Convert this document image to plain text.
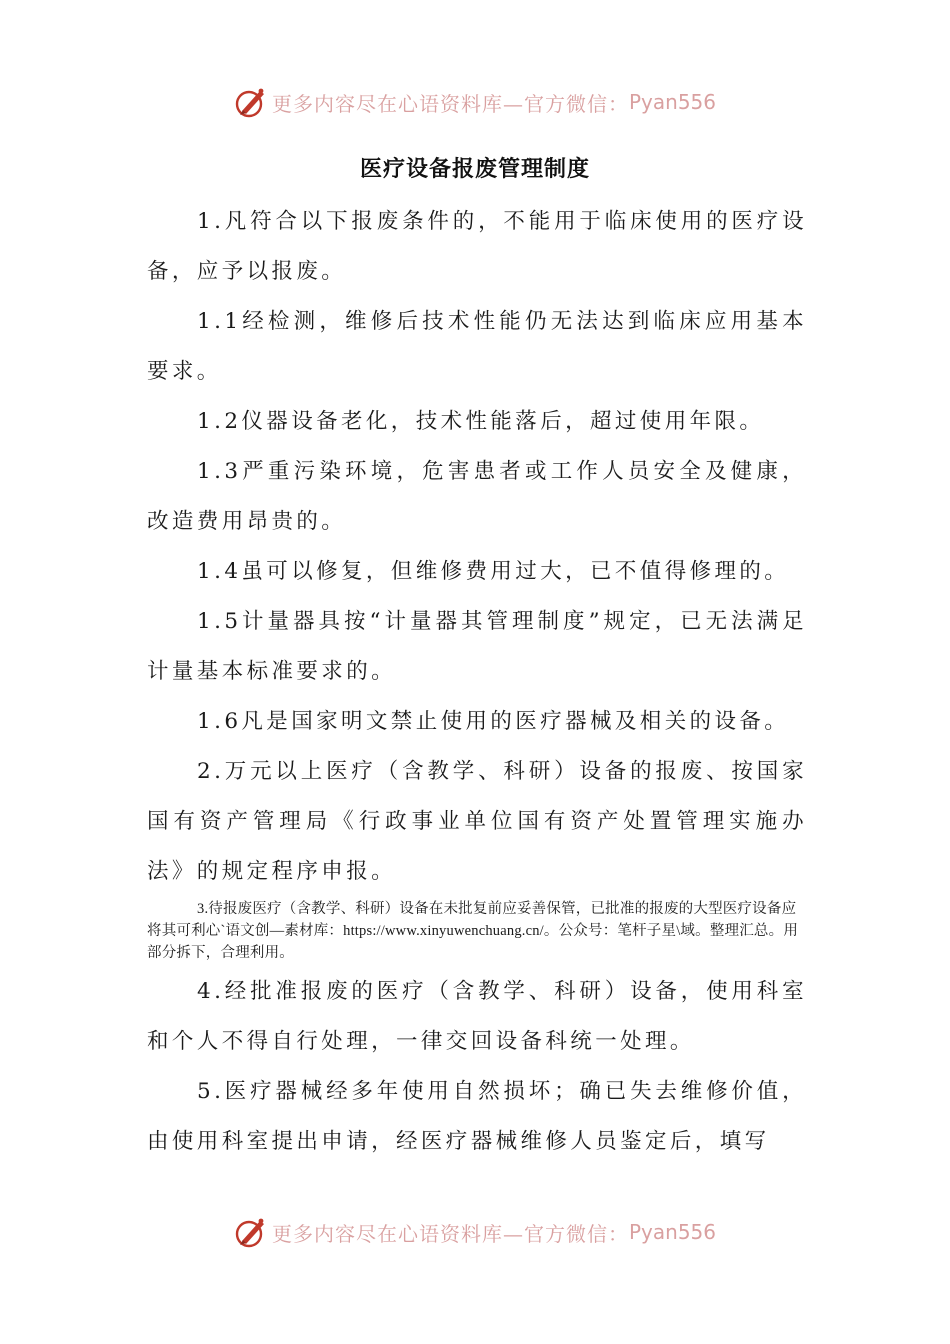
更多内容尽在心语资料库—官方微信： Pyan556
医疗设备报废管理制度

1.凡符合以下报废条件的，不能用于临床使用的医疗设备，应予以报废。

1.1经检测，维修后技术性能仍无法达到临床应用基本要求。

1.2仪器设备老化，技术性能落后，超过使用年限。

1.3严重污染环境，危害患者或工作人员安全及健康，改造费用昂贵的。

1.4虽可以修复，但维修费用过大，已不值得修理的。

1.5计量器具按“计量器其管理制度”规定，已无法满足计量基本标准要求的。

1.6凡是国家明文禁止使用的医疗器械及相关的设备。

2.万元以上医疗（含教学、科研）设备的报废、按国家国有资产管理局《行政事业单位国有资产处置管理实施办法》的规定程序申报。

3.待报废医疗（含教学、科研）设备在未批复前应妥善保管，已批准的报废的大型医疗设备应将其可利心`语文创—素材库：https://www.xinyuwenchuang.cn/。公众号：笔杆子星\域。整理汇总。用部分拆下，合理利用。

4.经批准报废的医疗（含教学、科研）设备，使用科室和个人不得自行处理，一律交回设备科统一处理。

5.医疗器械经多年使用自然损坏；确已失去维修价值，由使用科室提出申请，经医疗器械维修人员鉴定后，填写

更多内容尽在心语资料库—官方微信： Pyan556
